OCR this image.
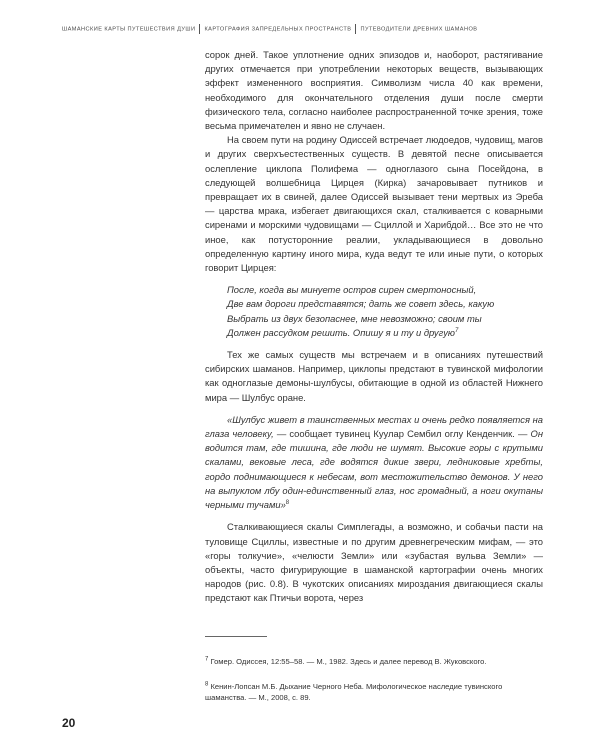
ШАМАНСКИЕ КАРТЫ ПУТЕШЕСТВИЯ ДУШИ КАРТОГРАФИЯ ЗАПРЕДЕЛЬНЫХ ПРОСТРАНСТВ ПУТЕВОДИТЕЛИ ДРЕВНИХ ШАМАНОВ

сорок дней. Такое уплотнение одних эпизодов и, наоборот, растягивание других отмечается при употреблении некоторых веществ, вызывающих эффект измененного восприятия. Символизм числа 40 как времени, необходимого для окончательного отделения души после смерти физического тела, согласно наиболее распространенной точке зрения, тоже весьма примечателен и явно не случаен.

На своем пути на родину Одиссей встречает людоедов, чудовищ, магов и других сверхъестественных существ. В девятой песне описывается ослепление циклопа Полифема — одноглазого сына Посейдона, в следующей волшебница Цирцея (Кирка) зачаровывает путников и превращает их в свиней, далее Одиссей вызывает тени мертвых из Эреба — царства мрака, избегает двигающихся скал, сталкивается с коварными сиренами и морскими чудовищами — Сциллой и Харибдой… Все это не что иное, как потусторонние реалии, укладывающиеся в довольно определенную картину иного мира, куда ведут те или иные пути, о которых говорит Цирцея:

После, когда вы минуете остров сирен смертоносный,
Две вам дороги представятся; дать же совет здесь, какую
Выбрать из двух безопаснее, мне невозможно; своим ты
Должен рассудком решить. Опишу я и ту и другую$^7$

Тех же самых существ мы встречаем и в описаниях путешествий сибирских шаманов. Например, циклопы предстают в тувинской мифологии как одноглазые демоны-шулбусы, обитающие в одной из областей Нижнего мира — Шулбус оране.

«Шулбус живет в таинственных местах и очень редко появляется на глаза человеку, — сообщает тувинец Куулар Сембил оглу Кенденчик. — Он водится там, где тишина, где люди не шумят. Высокие горы с крутыми скалами, вековые леса, где водятся дикие звери, ледниковые хребты, гордо поднимающиеся к небесам, вот местожительство демонов. У него на выпуклом лбу один-единственный глаз, нос громадный, а ноги окутаны черными тучами»$^8$

Сталкивающиеся скалы Симплегады, а возможно, и собачьи пасти на туловище Сциллы, известные и по другим древнегреческим мифам, — это «горы толкучие», «челюсти Земли» или «зубастая вульва Земли» — объекты, часто фигурирующие в шаманской картографии очень многих народов (рис. 0.8). В чукотских описаниях мироздания двигающиеся скалы предстают как Птичьи ворота, через

$^7$ Гомер. Одиссея, 12:55–58. — М., 1982. Здесь и далее перевод В. Жуковского.
$^8$ Кенин-Лопсан М.Б. Дыхание Черного Неба. Мифологическое наследие тувинского шаманства. — М., 2008, с. 89.
20
